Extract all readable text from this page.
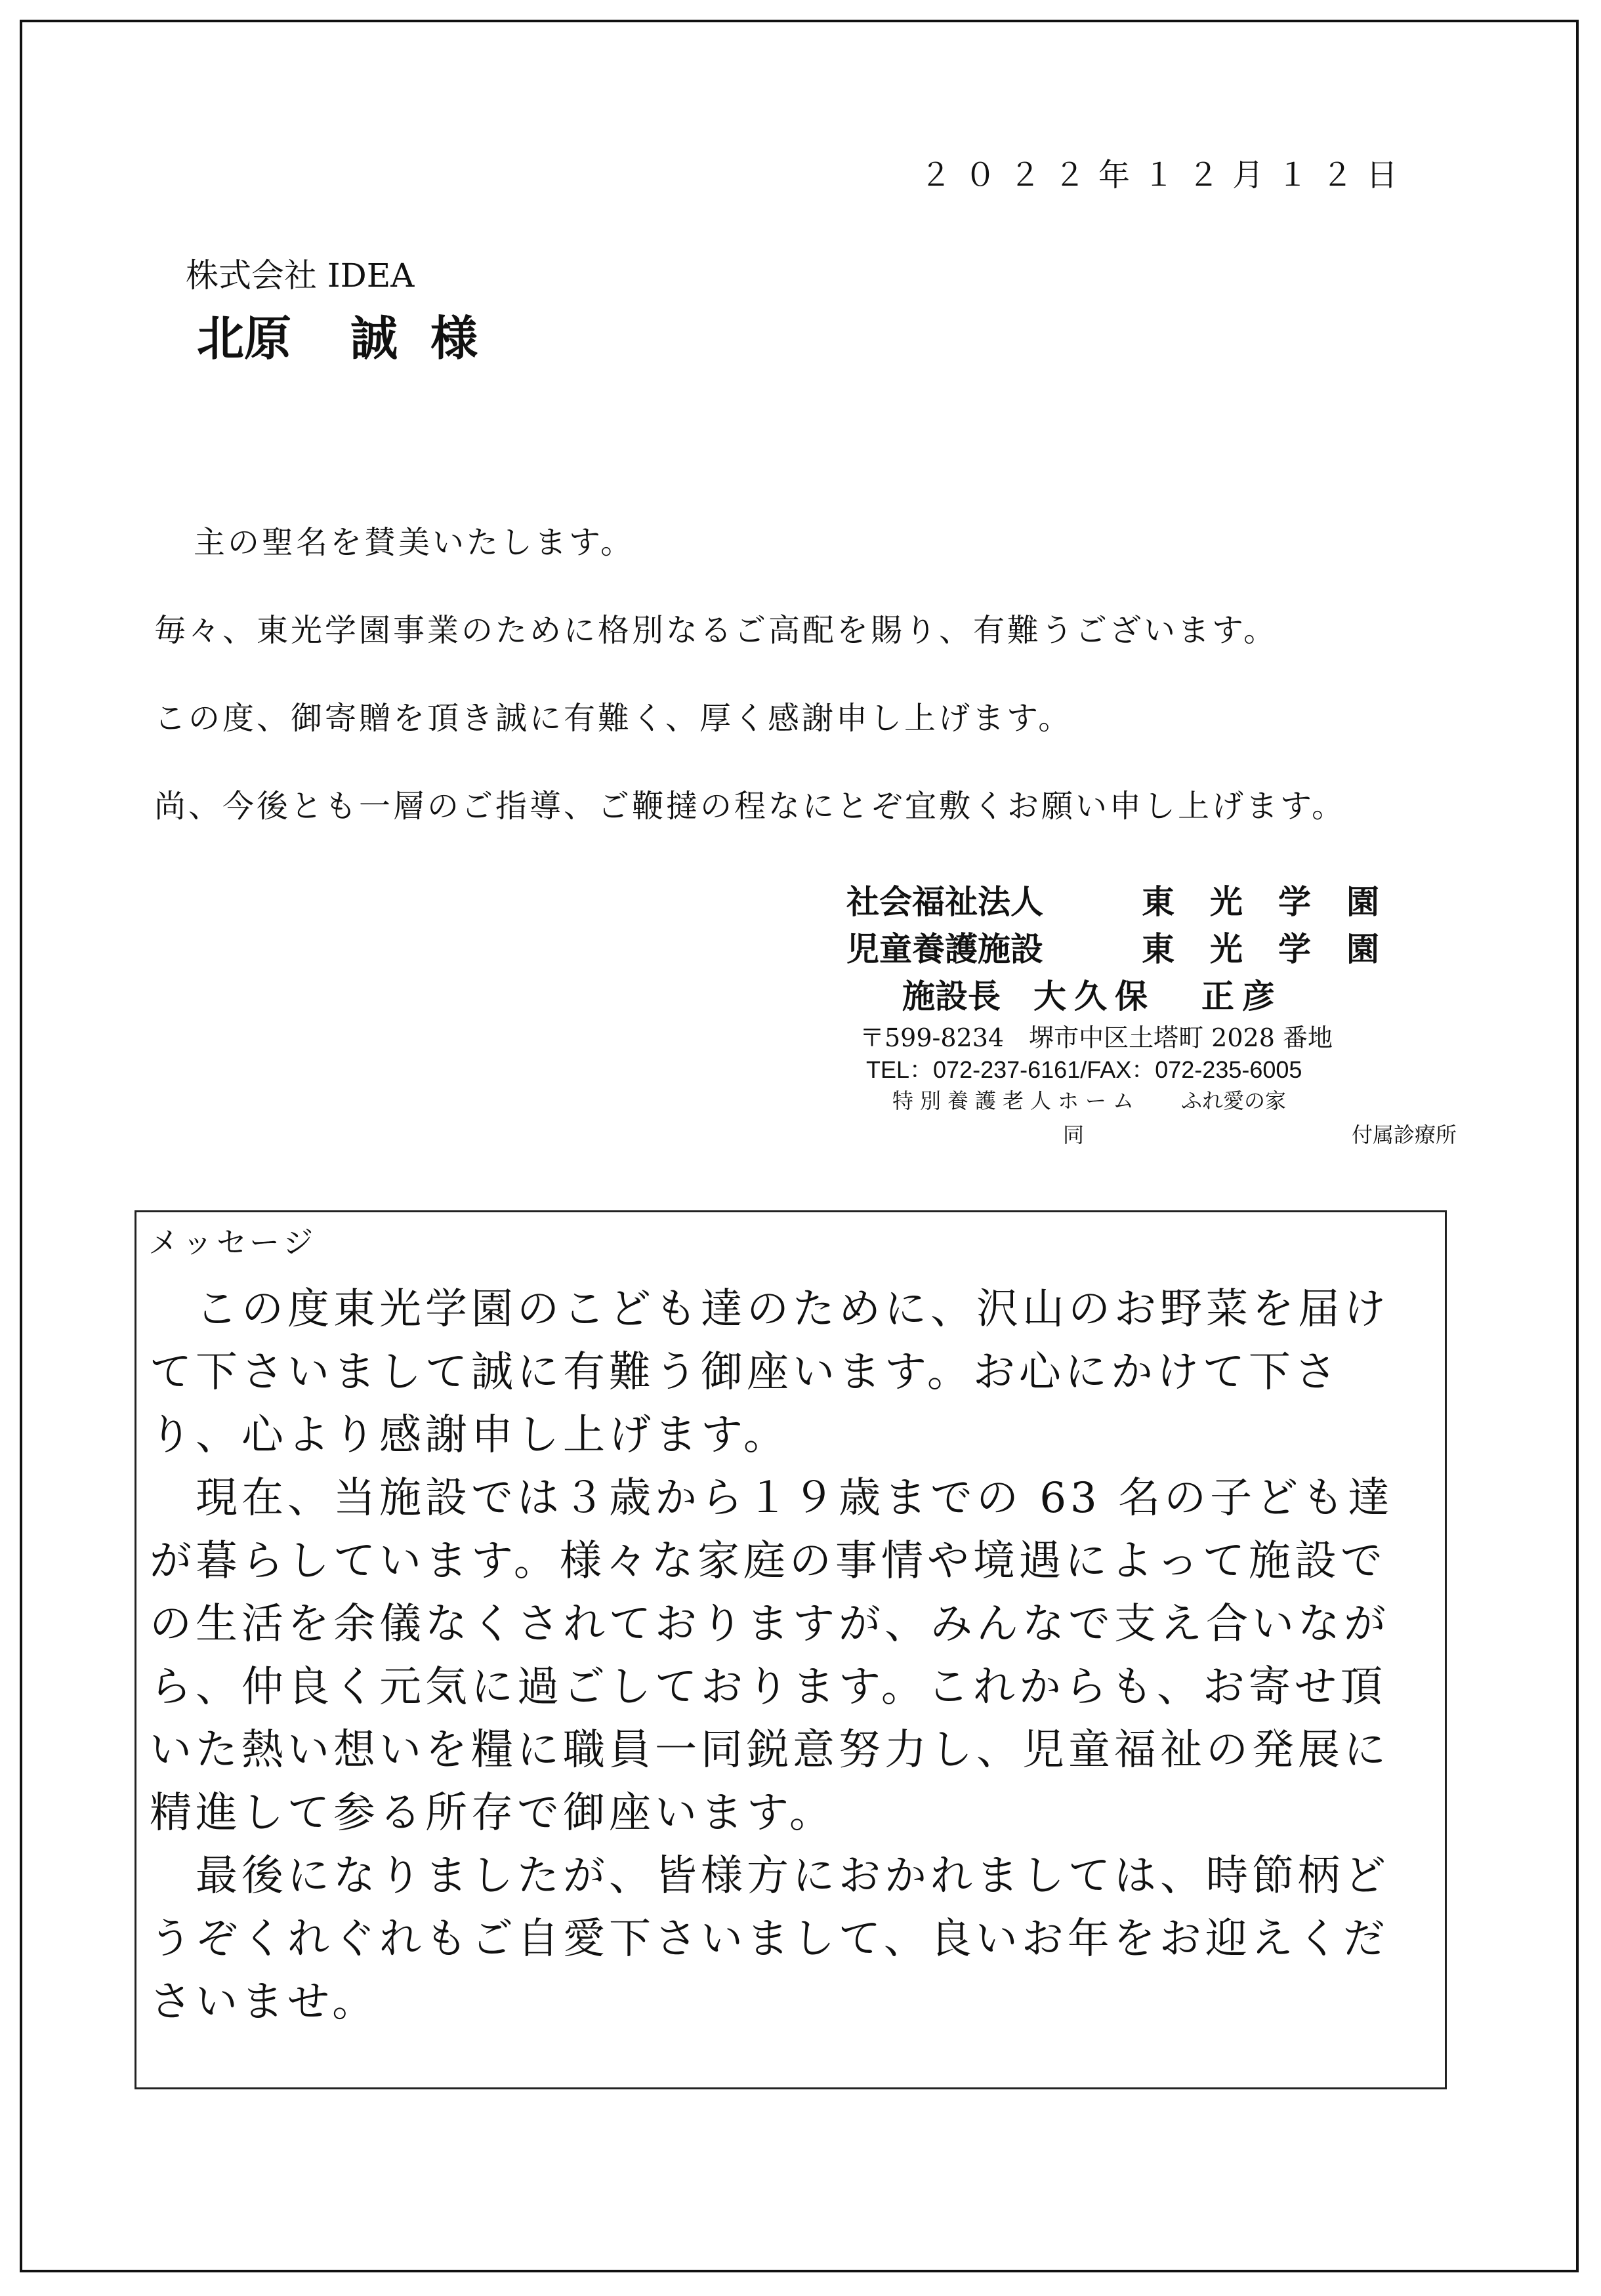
２０２２年１２月１２日
株式会社 IDEA
北原 誠 様
主の聖名を賛美いたします。
毎々、東光学園事業のために格別なるご高配を賜り、有難うございます。
この度、御寄贈を頂き誠に有難く、厚く感謝申し上げます。
尚、今後とも一層のご指導、ご鞭撻の程なにとぞ宜敷くお願い申し上げます。
社会福祉法人	東光学園
児童養護施設	東光学園
施設長 大久保 正彦
〒599-8234　堺市中区土塔町 2028 番地
TEL：072-237-6161/FAX：072-235-6005
特別養護老人ホーム	ふれ愛の家
同	付属診療所
メッセージ
　この度東光学園のこども達のために、沢山のお野菜を届け
て下さいまして誠に有難う御座います。お心にかけて下さ
り、心より感謝申し上げます。
　現在、当施設では３歳から１９歳までの 63 名の子ども達
が暮らしています。様々な家庭の事情や境遇によって施設で
の生活を余儀なくされておりますが、みんなで支え合いなが
ら、仲良く元気に過ごしております。これからも、お寄せ頂
いた熱い想いを糧に職員一同鋭意努力し、児童福祉の発展に
精進して参る所存で御座います。
　最後になりましたが、皆様方におかれましては、時節柄ど
うぞくれぐれもご自愛下さいまして、良いお年をお迎えくだ
さいませ。
